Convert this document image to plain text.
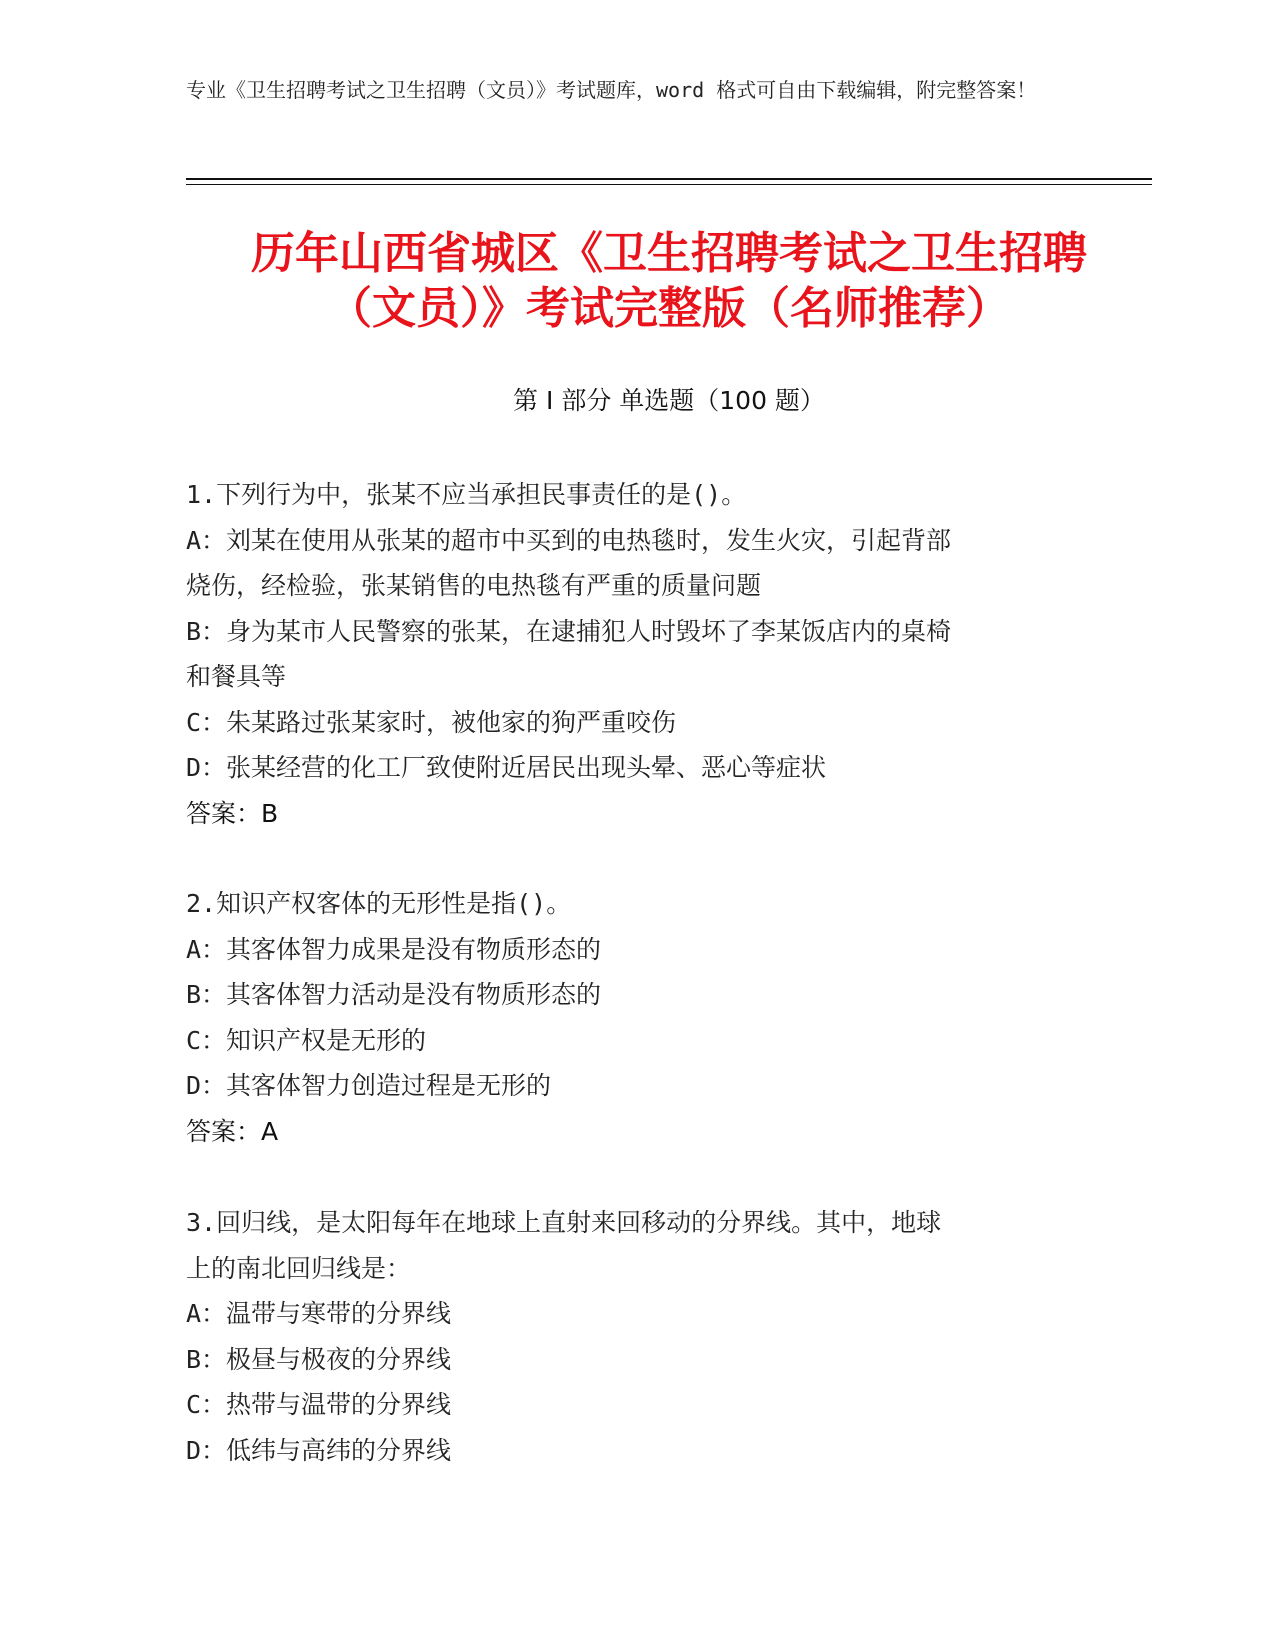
专业《卫生招聘考试之卫生招聘（文员）》考试题库，word 格式可自由下载编辑，附完整答案！
历年山西省城区《卫生招聘考试之卫生招聘
（文员）》考试完整版（名师推荐）
第 I 部分 单选题（100 题）
1.下列行为中，张某不应当承担民事责任的是()。
A：刘某在使用从张某的超市中买到的电热毯时，发生火灾，引起背部
烧伤，经检验，张某销售的电热毯有严重的质量问题
B：身为某市人民警察的张某，在逮捕犯人时毁坏了李某饭店内的桌椅
和餐具等
C：朱某路过张某家时，被他家的狗严重咬伤
D：张某经营的化工厂致使附近居民出现头晕、恶心等症状
答案：B
2.知识产权客体的无形性是指()。
A：其客体智力成果是没有物质形态的
B：其客体智力活动是没有物质形态的
C：知识产权是无形的
D：其客体智力创造过程是无形的
答案：A
3.回归线，是太阳每年在地球上直射来回移动的分界线。其中，地球
上的南北回归线是：
A：温带与寒带的分界线
B：极昼与极夜的分界线
C：热带与温带的分界线
D：低纬与高纬的分界线
